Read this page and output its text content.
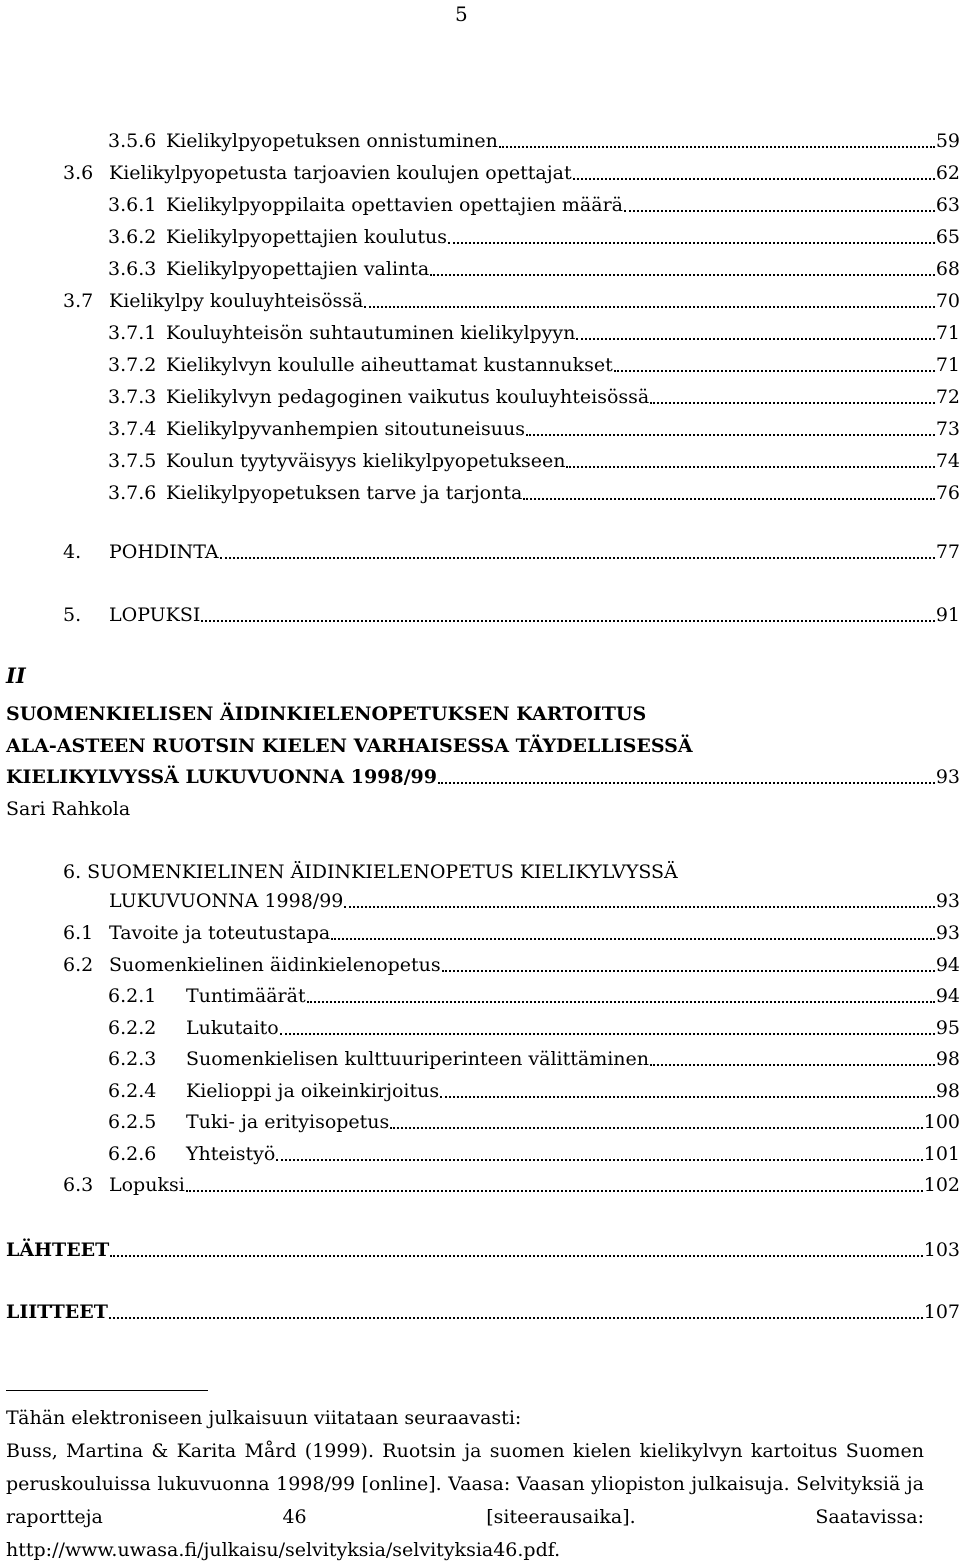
5
3.5.6 Kielikylpyopetuksen onnistuminen	59
3.6 Kielikylpyopetusta tarjoavien koulujen opettajat	62
3.6.1 Kielikylpyoppilaita opettavien opettajien määrä	63
3.6.2 Kielikylpyopettajien koulutus	65
3.6.3 Kielikylpyopettajien valinta	68
3.7 Kielikylpy kouluyhteisössä	70
3.7.1 Kouluyhteisön suhtautuminen kielikylpyyn	71
3.7.2 Kielikylvyn koululle aiheuttamat kustannukset	71
3.7.3 Kielikylvyn pedagoginen vaikutus kouluyhteisössä	72
3.7.4 Kielikylpyvanhempien sitoutuneisuus	73
3.7.5 Koulun tyytyväisyys kielikylpyopetukseen	74
3.7.6 Kielikylpyopetuksen tarve ja tarjonta	76
4.	POHDINTA	77
5.	LOPUKSI	91
II
SUOMENKIELISEN ÄIDINKIELENOPETUKSEN KARTOITUS
ALA-ASTEEN RUOTSIN KIELEN VARHAISESSA TÄYDELLISESSÄ
KIELIKYLVYSSÄ LUKUVUONNA 1998/99	93
Sari Rahkola
6. SUOMENKIELINEN ÄIDINKIELENOPETUS KIELIKYLVYSSÄ
LUKUVUONNA 1998/99	93
6.1 Tavoite ja toteutustapa	93
6.2 Suomenkielinen äidinkielenopetus	94
6.2.1	Tuntimäärät	94
6.2.2	Lukutaito	95
6.2.3	Suomenkielisen kulttuuriperinteen välittäminen	98
6.2.4	Kielioppi ja oikeinkirjoitus	98
6.2.5	Tuki- ja erityisopetus	100
6.2.6	Yhteistyö	101
6.3 Lopuksi	102
LÄHTEET	103
LIITTEET	107

Tähän elektroniseen julkaisuun viitataan seuraavasti:

Buss, Martina & Karita Mård (1999). Ruotsin ja suomen kielen kielikylvyn kartoitus Suomen peruskouluissa lukuvuonna 1998/99 [online]. Vaasa: Vaasan yliopiston julkaisuja. Selvityksiä ja raportteja 46 [siteerausaika]. Saatavissa: http://www.uwasa.fi/julkaisu/selvityksia/selvityksia46.pdf.
